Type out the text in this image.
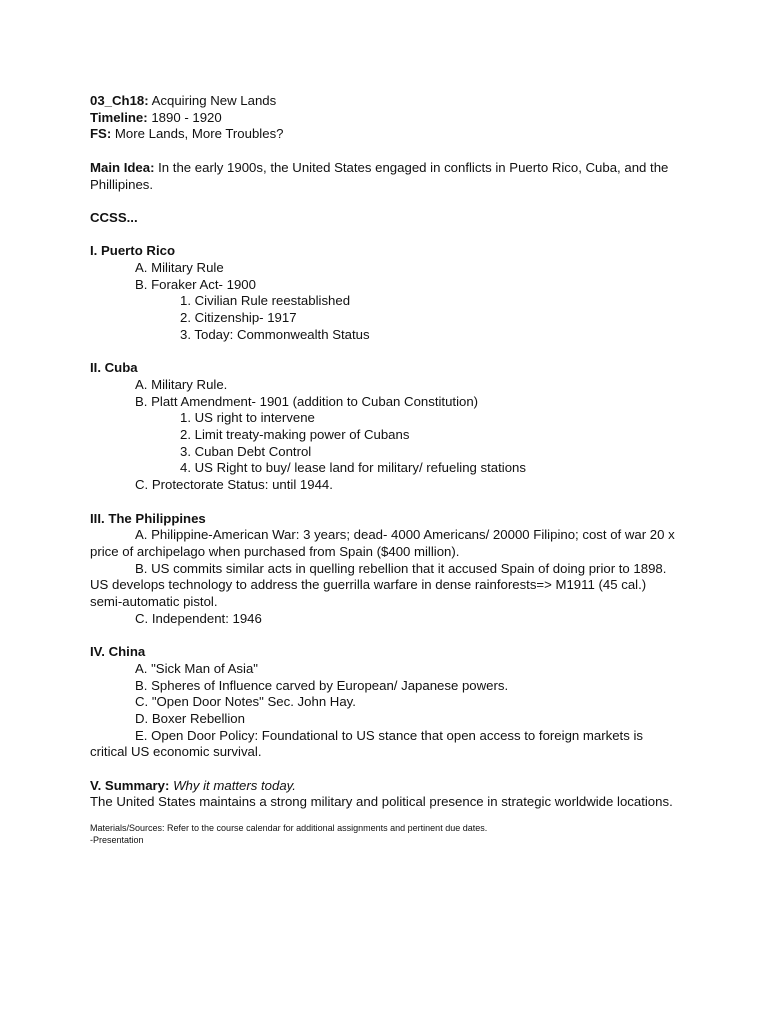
03_Ch18: Acquiring New Lands
Timeline: 1890 - 1920
FS: More Lands, More Troubles?
Main Idea: In the early 1900s, the United States engaged in conflicts in Puerto Rico, Cuba, and the Phillipines.
CCSS...
I. Puerto Rico
A. Military Rule
B. Foraker Act- 1900
1. Civilian Rule reestablished
2. Citizenship- 1917
3. Today: Commonwealth Status
II. Cuba
A. Military Rule.
B. Platt Amendment- 1901 (addition to Cuban Constitution)
1. US right to intervene
2. Limit treaty-making power of Cubans
3. Cuban Debt Control
4. US Right to buy/ lease land for military/ refueling stations
C. Protectorate Status: until 1944.
III. The Philippines
A. Philippine-American War: 3 years; dead- 4000 Americans/ 20000 Filipino; cost of war 20 x price of archipelago when purchased from Spain ($400 million).
B. US commits similar acts in quelling rebellion that it accused Spain of doing prior to 1898. US develops technology to address the guerrilla warfare in dense rainforests=> M1911 (45 cal.) semi-automatic pistol.
C. Independent: 1946
IV. China
A. "Sick Man of Asia"
B. Spheres of Influence carved by European/ Japanese powers.
C. "Open Door Notes" Sec. John Hay.
D. Boxer Rebellion
E. Open Door Policy: Foundational to US stance that open access to foreign markets is critical US economic survival.
V. Summary: Why it matters today.
The United States maintains a strong military and political presence in strategic worldwide locations.
Materials/Sources: Refer to the course calendar for additional assignments and pertinent due dates.
-Presentation
